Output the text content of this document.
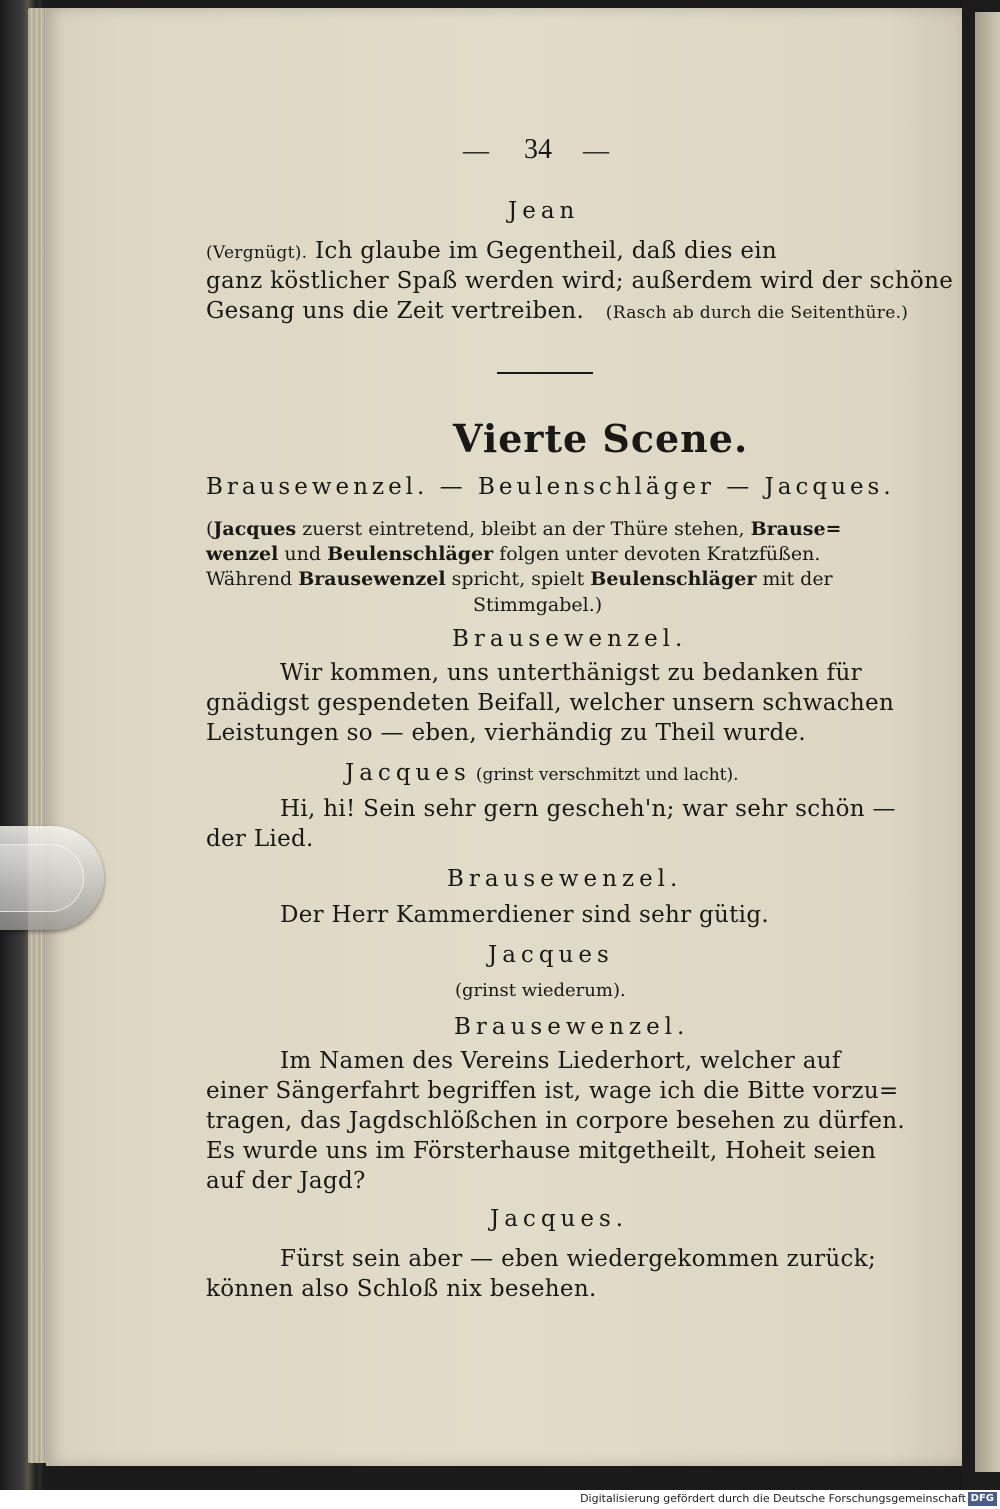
— 34 —
Jean
(Vergnügt). Ich glaube im Gegentheil, daß dies ein
ganz köstlicher Spaß werden wird; außerdem wird der schöne
Gesang uns die Zeit vertreiben. (Rasch ab durch die Seitenthüre.)
Vierte Scene.
Brausewenzel. — Beulenschläger — Jacques.
(Jacques zuerst eintretend, bleibt an der Thüre stehen, Brause=
wenzel und Beulenschläger folgen unter devoten Kratzfüßen.
Während Brausewenzel spricht, spielt Beulenschläger mit der
Stimmgabel.)
Brausewenzel.
Wir kommen, uns unterthänigst zu bedanken für
gnädigst gespendeten Beifall, welcher unsern schwachen
Leistungen so — eben, vierhändig zu Theil wurde.
Jacques (grinst verschmitzt und lacht).
Hi, hi! Sein sehr gern gescheh'n; war sehr schön —
der Lied.
Brausewenzel.
Der Herr Kammerdiener sind sehr gütig.
Jacques
(grinst wiederum).
Brausewenzel.
Im Namen des Vereins Liederhort, welcher auf
einer Sängerfahrt begriffen ist, wage ich die Bitte vorzu=
tragen, das Jagdschlößchen in corpore besehen zu dürfen.
Es wurde uns im Försterhause mitgetheilt, Hoheit seien
auf der Jagd?
Jacques.
Fürst sein aber — eben wiedergekommen zurück;
können also Schloß nix besehen.
Digitalisierung gefördert durch die Deutsche Forschungsgemeinschaft DFG
